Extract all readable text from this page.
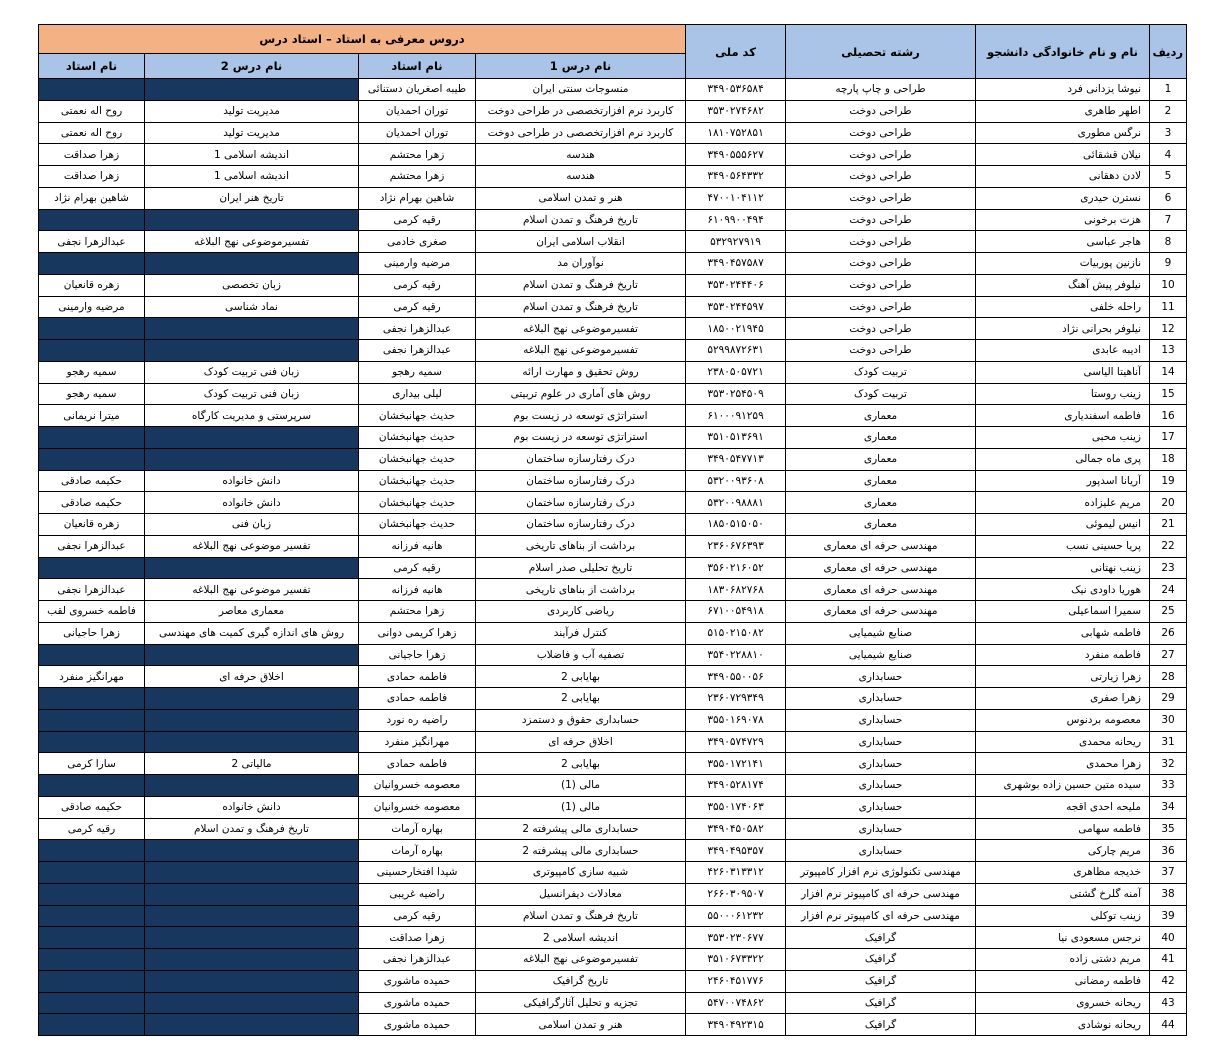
ردیف	نام و نام خانوادگی دانشجو	رشته تحصیلی	کد ملی	دروس معرفی به استاد – استاد درس			
				نام درس 1	نام استاد	نام درس 2	نام استاد
1	نیوشا یزدانی فرد	طراحی و چاپ پارچه	۳۴۹۰۵۳۶۵۸۴	منسوجات سنتی ایران	طیبه اصغریان دستنائی		
2	اطهر طاهری	طراحی دوخت	۳۵۳۰۲۷۴۶۸۲	کاربرد نرم افزارتخصصی در طراحی دوخت	توران احمدیان	مدیریت تولید	روح اله نعمتی
3	نرگس مطوری	طراحی دوخت	۱۸۱۰۷۵۲۸۵۱	کاربرد نرم افزارتخصصی در طراحی دوخت	توران احمدیان	مدیریت تولید	روح اله نعمتی
4	نیلان قشقائی	طراحی دوخت	۳۴۹۰۵۵۵۶۲۷	هندسه	زهرا محتشم	اندیشه اسلامی 1	زهرا صداقت
5	لادن دهقانی	طراحی دوخت	۳۴۹۰۵۶۴۳۳۲	هندسه	زهرا محتشم	اندیشه اسلامی 1	زهرا صداقت
6	نسترن حیدری	طراحی دوخت	۴۷۰۰۱۰۴۱۱۲	هنر و تمدن اسلامی	شاهین بهرام نژاد	تاریخ هنر ایران	شاهین بهرام نژاد
7	هزت برخونی	طراحی دوخت	۶۱۰۹۹۰۰۴۹۴	تاریخ فرهنگ و تمدن اسلام	رقیه کرمی		
8	هاجر عباسی	طراحی دوخت	۵۳۲۹۲۷۹۱۹	انقلاب اسلامی ایران	صغری خادمی	تفسیرموضوعی نهج البلاغه	عبدالزهرا نجفی
9	نازنین پوربیات	طراحی دوخت	۳۴۹۰۴۵۷۵۸۷	نوآوران مد	مرضیه وارمینی		
10	نیلوفر پیش آهنگ	طراحی دوخت	۳۵۳۰۲۴۴۴۰۶	تاریخ فرهنگ و تمدن اسلام	رقیه کرمی	زبان تخصصی	زهره قانعیان
11	راحله خلفی	طراحی دوخت	۳۵۳۰۲۴۴۵۹۷	تاریخ فرهنگ و تمدن اسلام	رقیه کرمی	نماد شناسی	مرضیه وارمینی
12	نیلوفر بحرانی نژاد	طراحی دوخت	۱۸۵۰۰۲۱۹۴۵	تفسیرموضوعی نهج البلاغه	عبدالزهرا نجفی		
13	ادیبه عابدی	طراحی دوخت	۵۲۹۹۸۷۲۶۳۱	تفسیرموضوعی نهج البلاغه	عبدالزهرا نجفی		
14	آناهیتا الیاسی	تربیت کودک	۲۳۸۰۵۰۵۷۲۱	روش تحقیق و مهارت ارائه	سمیه رهجو	زبان فنی تربیت کودک	سمیه رهجو
15	زینب روستا	تربیت کودک	۳۵۳۰۲۵۴۵۰۹	روش های آماری در علوم تربیتی	لیلی بیداری	زبان فنی تربیت کودک	سمیه رهجو
16	فاطمه اسفندیاری	معماری	۶۱۰۰۰۹۱۲۵۹	استراتژی توسعه در زیست بوم	حدیث جهانبخشان	سرپرستی و مدیریت کارگاه	میترا نریمانی
17	زینب محبی	معماری	۳۵۱۰۵۱۳۶۹۱	استراتژی توسعه در زیست بوم	حدیث جهانبخشان		
18	پری ماه جمالی	معماری	۳۴۹۰۵۴۷۷۱۳	درک رفتارسازه ساختمان	حدیث جهانبخشان		
19	آریانا اسدپور	معماری	۵۳۲۰۰۹۳۶۰۸	درک رفتارسازه ساختمان	حدیث جهانبخشان	دانش خانواده	حکیمه صادقی
20	مریم علیزاده	معماری	۵۳۲۰۰۹۸۸۸۱	درک رفتارسازه ساختمان	حدیث جهانبخشان	دانش خانواده	حکیمه صادقی
21	انیس لیموئی	معماری	۱۸۵۰۵۱۵۰۵۰	درک رفتارسازه ساختمان	حدیث جهانبخشان	زبان فنی	زهره قانعیان
22	پریا حسینی نسب	مهندسی حرفه ای معماری	۲۳۶۰۶۷۶۳۹۳	برداشت از بناهای تاریخی	هانیه فرزانه	تفسیر موضوعی نهج البلاغه	عبدالزهرا نجفی
23	زینب نهتانی	مهندسی حرفه ای معماری	۳۵۶۰۲۱۶۰۵۲	تاریخ تحلیلی صدر اسلام	رقیه کرمی		
24	هوریا داودی نیک	مهندسی حرفه ای معماری	۱۸۳۰۶۸۲۷۶۸	برداشت از بناهای تاریخی	هانیه فرزانه	تفسیر موضوعی نهج البلاغه	عبدالزهرا نجفی
25	سمیرا اسماعیلی	مهندسی حرفه ای معماری	۶۷۱۰۰۵۴۹۱۸	ریاضی کاربردی	زهرا محتشم	معماری معاصر	فاطمه خسروی لقب
26	فاطمه شهابی	صنایع شیمیایی	۵۱۵۰۲۱۵۰۸۲	کنترل فرآیند	زهرا کریمی دوانی	روش های اندازه گیری کمیت های مهندسی	زهرا حاجیانی
27	فاطمه منفرد	صنایع شیمیایی	۳۵۴۰۲۲۸۸۱۰	تصفیه آب و فاضلاب	زهرا حاجیانی		
28	زهرا زیارتی	حسابداری	۳۴۹۰۵۵۰۰۵۶	بهایابی 2	فاطمه حمادی	اخلاق حرفه ای	مهرانگیز منفرد
29	زهرا صفری	حسابداری	۲۳۶۰۷۲۹۳۴۹	بهایابی 2	فاطمه حمادی		
30	معصومه بردنوس	حسابداری	۳۵۵۰۱۶۹۰۷۸	حسابداری حقوق و دستمزد	راضیه ره نورد		
31	ریحانه محمدی	حسابداری	۳۴۹۰۵۷۴۷۲۹	اخلاق حرفه ای	مهرانگیز منفرد		
32	زهرا محمدی	حسابداری	۳۵۵۰۱۷۲۱۴۱	بهایابی 2	فاطمه حمادی	مالیاتی 2	سارا کرمی
33	سیده متین حسین زاده بوشهری	حسابداری	۳۴۹۰۵۲۸۱۷۴	مالی (1)	معصومه خسروانیان		
34	ملیحه احدی اقجه	حسابداری	۳۵۵۰۱۷۴۰۶۳	مالی (1)	معصومه خسروانیان	دانش خانواده	حکیمه صادقی
35	فاطمه سهامی	حسابداری	۳۴۹۰۴۵۰۵۸۲	حسابداری مالی پیشرفته 2	بهاره آرمات	تاریخ فرهنگ و تمدن اسلام	رقیه کرمی
36	مریم چارکی	حسابداری	۳۴۹۰۴۹۵۳۵۷	حسابداری مالی پیشرفته 2	بهاره آرمات		
37	خدیجه مظاهری	مهندسی تکنولوژی نرم افزار کامپیوتر	۴۲۶۰۳۱۳۳۱۲	شبیه سازی کامپیوتری	شیدا افتخارحسینی		
38	آمنه گلرخ گشتی	مهندسی حرفه ای کامپیوتر نرم افزار	۲۶۶۰۳۰۹۵۰۷	معادلات دیفرانسیل	راضیه غریبی		
39	زینب توکلی	مهندسی حرفه ای کامپیوتر نرم افزار	۵۵۰۰۰۶۱۲۳۲	تاریخ فرهنگ و تمدن اسلام	رقیه کرمی		
40	نرجس مسعودی نیا	گرافیک	۳۵۳۰۲۳۰۶۷۷	اندیشه اسلامی 2	زهرا صداقت		
41	مریم دشتی زاده	گرافیک	۳۵۱۰۶۷۳۳۲۲	تفسیرموضوعی نهج البلاغه	عبدالزهرا نجفی		
42	فاطمه رمضانی	گرافیک	۲۴۶۰۴۵۱۷۷۶	تاریخ گرافیک	حمیده ماشوری		
43	ریحانه خسروی	گرافیک	۵۴۷۰۰۷۴۸۶۲	تجزیه و تحلیل آثارگرافیکی	حمیده ماشوری		
44	ریحانه نوشادی	گرافیک	۳۴۹۰۴۹۲۳۱۵	هنر و تمدن اسلامی	حمیده ماشوری		
